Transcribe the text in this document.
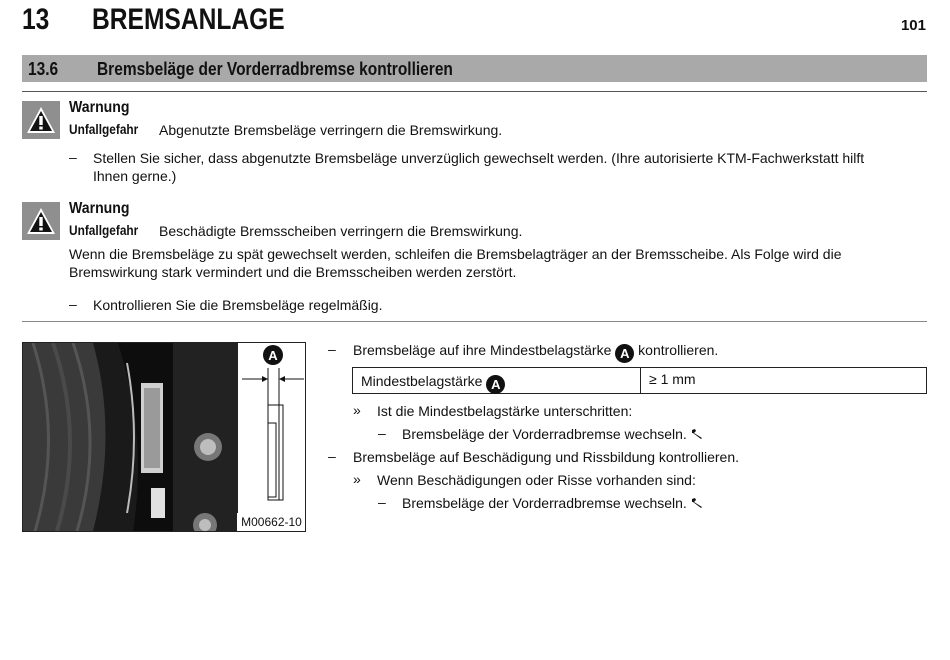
13 BREMSANLAGE	101
13.6 Bremsbeläge der Vorderradbremse kontrollieren
Warnung
Unfallgefahr Abgenutzte Bremsbeläge verringern die Bremswirkung.
– Stellen Sie sicher, dass abgenutzte Bremsbeläge unverzüglich gewechselt werden. (Ihre autorisierte KTM-Fachwerkstatt hilft
Ihnen gerne.)
Warnung
Unfallgefahr Beschädigte Bremsscheiben verringern die Bremswirkung.
Wenn die Bremsbeläge zu spät gewechselt werden, schleifen die Bremsbelagträger an der Bremsscheibe. Als Folge wird die
Bremswirkung stark vermindert und die Bremsscheiben werden zerstört.
– Kontrollieren Sie die Bremsbeläge regelmäßig.
A
M00662-10
– Bremsbeläge auf ihre Mindestbelagstärke A kontrollieren.
Mindestbelagstärke A	≥ 1 mm
» Ist die Mindestbelagstärke unterschritten:
– Bremsbeläge der Vorderradbremse wechseln.
– Bremsbeläge auf Beschädigung und Rissbildung kontrollieren.
» Wenn Beschädigungen oder Risse vorhanden sind:
– Bremsbeläge der Vorderradbremse wechseln.
